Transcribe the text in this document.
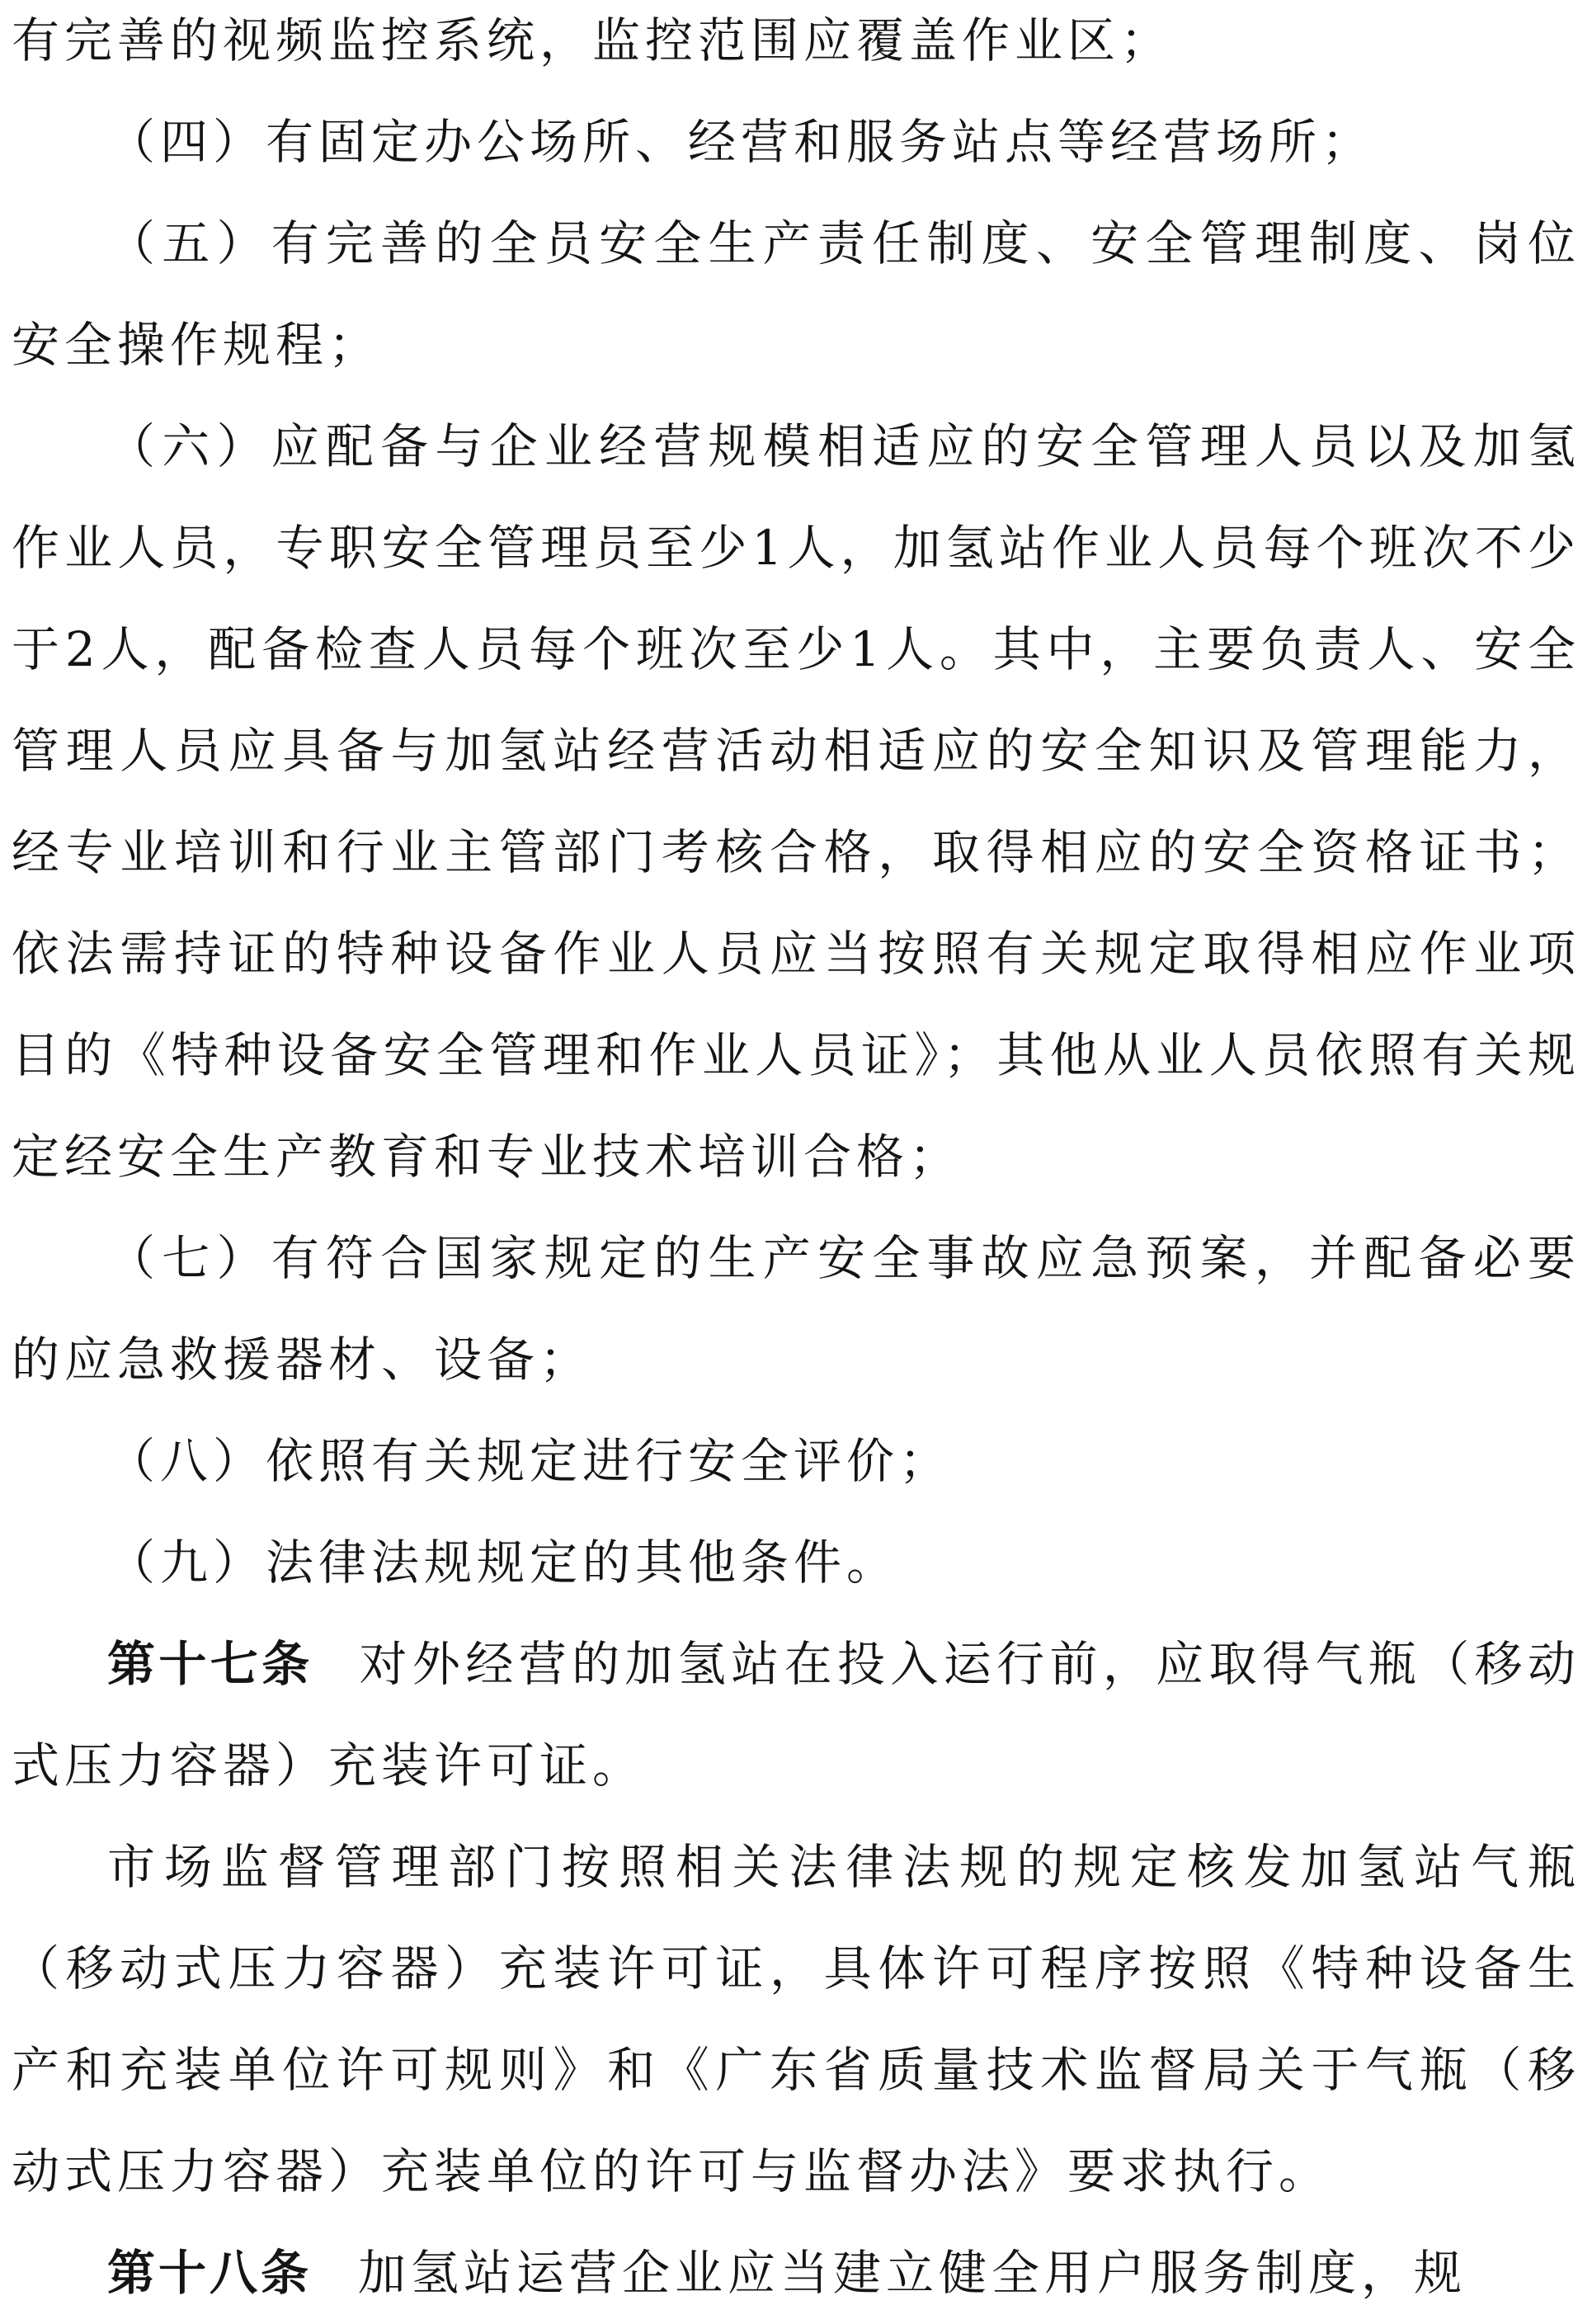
有完善的视频监控系统，监控范围应覆盖作业区；

（四）有固定办公场所、经营和服务站点等经营场所；

（五）有完善的全员安全生产责任制度、安全管理制度、岗位安全操作规程；

（六）应配备与企业经营规模相适应的安全管理人员以及加氢作业人员，专职安全管理员至少1人，加氢站作业人员每个班次不少于2人，配备检查人员每个班次至少1人。其中，主要负责人、安全管理人员应具备与加氢站经营活动相适应的安全知识及管理能力，经专业培训和行业主管部门考核合格，取得相应的安全资格证书；依法需持证的特种设备作业人员应当按照有关规定取得相应作业项目的《特种设备安全管理和作业人员证》；其他从业人员依照有关规定经安全生产教育和专业技术培训合格；

（七）有符合国家规定的生产安全事故应急预案，并配备必要的应急救援器材、设备；

（八）依照有关规定进行安全评价；

（九）法律法规规定的其他条件。

第十七条 对外经营的加氢站在投入运行前，应取得气瓶（移动式压力容器）充装许可证。

市场监督管理部门按照相关法律法规的规定核发加氢站气瓶（移动式压力容器）充装许可证，具体许可程序按照《特种设备生产和充装单位许可规则》和《广东省质量技术监督局关于气瓶（移动式压力容器）充装单位的许可与监督办法》要求执行。

第十八条 加氢站运营企业应当建立健全用户服务制度，规
